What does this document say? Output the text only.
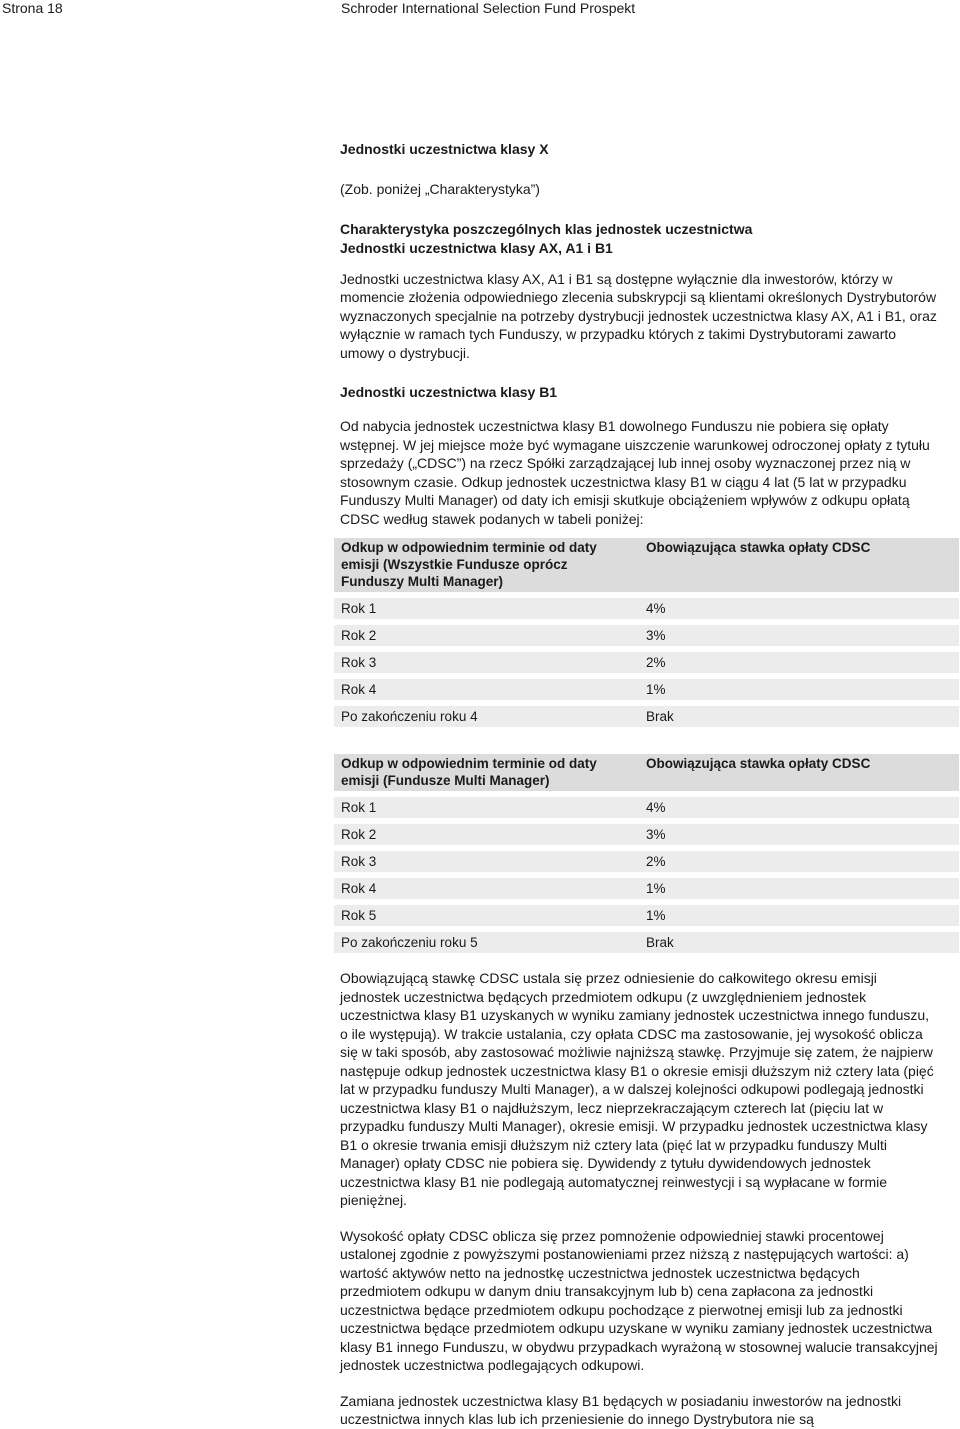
Strona 18	Schroder International Selection Fund Prospekt

Jednostki uczestnictwa klasy X

(Zob. poniżej „Charakterystyka”)

Charakterystyka poszczególnych klas jednostek uczestnictwa

Jednostki uczestnictwa klasy AX, A1 i B1

Jednostki uczestnictwa klasy AX, A1 i B1 są dostępne wyłącznie dla inwestorów, którzy w momencie złożenia odpowiedniego zlecenia subskrypcji są klientami określonych Dystrybutorów wyznaczonych specjalnie na potrzeby dystrybucji jednostek uczestnictwa klasy AX, A1 i B1, oraz wyłącznie w ramach tych Funduszy, w przypadku których z takimi Dystrybutorami zawarto umowy o dystrybucji.

Jednostki uczestnictwa klasy B1

Od nabycia jednostek uczestnictwa klasy B1 dowolnego Funduszu nie pobiera się opłaty wstępnej. W jej miejsce może być wymagane uiszczenie warunkowej odroczonej opłaty z tytułu sprzedaży („CDSC”) na rzecz Spółki zarządzającej lub innej osoby wyznaczonej przez nią w stosownym czasie. Odkup jednostek uczestnictwa klasy B1 w ciągu 4 lat (5 lat w przypadku Funduszy Multi Manager) od daty ich emisji skutkuje obciążeniem wpływów z odkupu opłatą CDSC według stawek podanych w tabeli poniżej:

Odkup w odpowiednim terminie od daty emisji (Wszystkie Fundusze oprócz Funduszy Multi Manager)	Obowiązująca stawka opłaty CDSC
Rok 1	4%
Rok 2	3%
Rok 3	2%
Rok 4	1%
Po zakończeniu roku 4	Brak
Odkup w odpowiednim terminie od daty emisji (Fundusze Multi Manager)	Obowiązująca stawka opłaty CDSC
Rok 1	4%
Rok 2	3%
Rok 3	2%
Rok 4	1%
Rok 5	1%
Po zakończeniu roku 5	Brak

Obowiązującą stawkę CDSC ustala się przez odniesienie do całkowitego okresu emisji jednostek uczestnictwa będących przedmiotem odkupu (z uwzględnieniem jednostek uczestnictwa klasy B1 uzyskanych w wyniku zamiany jednostek uczestnictwa innego funduszu, o ile występują). W trakcie ustalania, czy opłata CDSC ma zastosowanie, jej wysokość oblicza się w taki sposób, aby zastosować możliwie najniższą stawkę. Przyjmuje się zatem, że najpierw następuje odkup jednostek uczestnictwa klasy B1 o okresie emisji dłuższym niż cztery lata (pięć lat w przypadku funduszy Multi Manager), a w dalszej kolejności odkupowi podlegają jednostki uczestnictwa klasy B1 o najdłuższym, lecz nieprzekraczającym czterech lat (pięciu lat w przypadku funduszy Multi Manager), okresie emisji. W przypadku jednostek uczestnictwa klasy B1 o okresie trwania emisji dłuższym niż cztery lata (pięć lat w przypadku funduszy Multi Manager) opłaty CDSC nie pobiera się. Dywidendy z tytułu dywidendowych jednostek uczestnictwa klasy B1 nie podlegają automatycznej reinwestycji i są wypłacane w formie pieniężnej.

Wysokość opłaty CDSC oblicza się przez pomnożenie odpowiedniej stawki procentowej ustalonej zgodnie z powyższymi postanowieniami przez niższą z następujących wartości: a) wartość aktywów netto na jednostkę uczestnictwa jednostek uczestnictwa będących przedmiotem odkupu w danym dniu transakcyjnym lub b) cena zapłacona za jednostki uczestnictwa będące przedmiotem odkupu pochodzące z pierwotnej emisji lub za jednostki uczestnictwa będące przedmiotem odkupu uzyskane w wyniku zamiany jednostek uczestnictwa klasy B1 innego Funduszu, w obydwu przypadkach wyrażoną w stosownej walucie transakcyjnej jednostek uczestnictwa podlegających odkupowi.

Zamiana jednostek uczestnictwa klasy B1 będących w posiadaniu inwestorów na jednostki uczestnictwa innych klas lub ich przeniesienie do innego Dystrybutora nie są
